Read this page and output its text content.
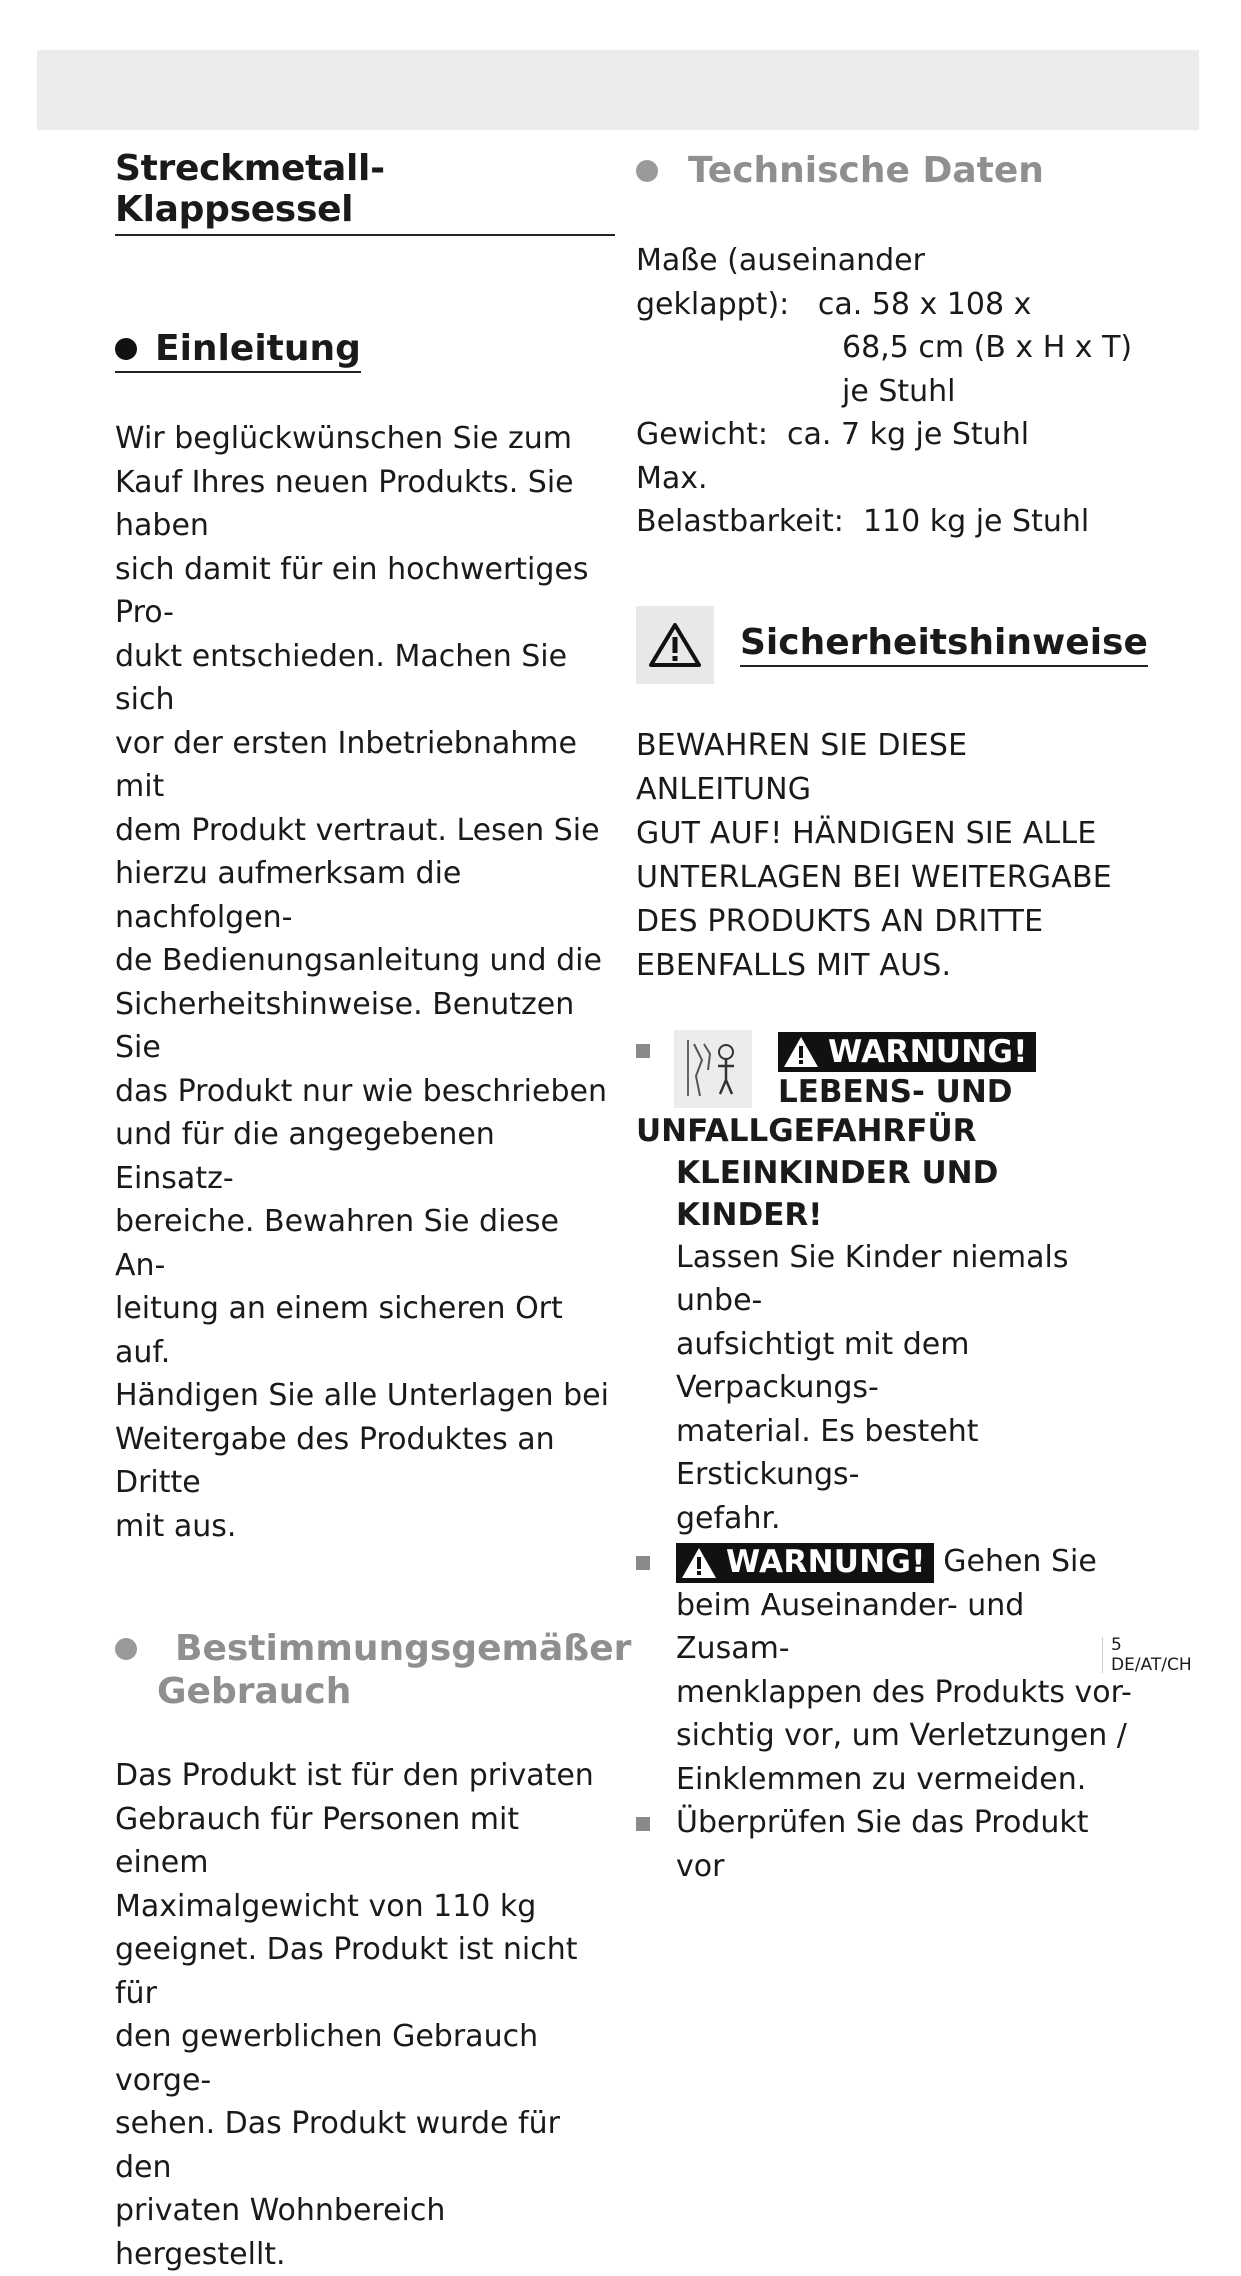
Streckmetall-Klappsessel
Einleitung

Wir beglückwünschen Sie zum

Kauf Ihres neuen Produkts. Sie haben

sich damit für ein hochwertiges Pro-

dukt entschieden. Machen Sie sich

vor der ersten Inbetriebnahme mit

dem Produkt vertraut. Lesen Sie

hierzu aufmerksam die nachfolgen-

de Bedienungsanleitung und die

Sicherheitshinweise. Benutzen Sie

das Produkt nur wie beschrieben

und für die angegebenen Einsatz-

bereiche. Bewahren Sie diese An-

leitung an einem sicheren Ort auf.

Händigen Sie alle Unterlagen bei

Weitergabe des Produktes an Dritte

mit aus.

Bestimmungsgemäßer
Gebrauch

Das Produkt ist für den privaten

Gebrauch für Personen mit einem

Maximalgewicht von 110 kg

geeignet. Das Produkt ist nicht für

den gewerblichen Gebrauch vorge-

sehen. Das Produkt wurde für den

privaten Wohnbereich hergestellt.

Technische Daten
Maße (auseinander
geklappt):   ca. 58 x 108 x
68,5 cm (B x H x T)
je Stuhl
Gewicht:  ca. 7 kg je Stuhl
Max.
Belastbarkeit:  110 kg je Stuhl
Sicherheitshinweise
BEWAHREN SIE DIESE ANLEITUNG
GUT AUF! HÄNDIGEN SIE ALLE
UNTERLAGEN BEI WEITERGABE
DES PRODUKTS AN DRITTE
EBENFALLS MIT AUS.
WARNUNG!
LEBENS- UND
UNFALLGEFAHRFÜR
KLEINKINDER UND KINDER!

Lassen Sie Kinder niemals unbe-

aufsichtigt mit dem Verpackungs-

material. Es besteht Erstickungs-

gefahr.

WARNUNG! Gehen Sie

beim Auseinander- und Zusam-

menklappen des Produkts vor-

sichtig vor, um Verletzungen /

Einklemmen zu vermeiden.

Überprüfen Sie das Produkt vor
5 DE/AT/CH
